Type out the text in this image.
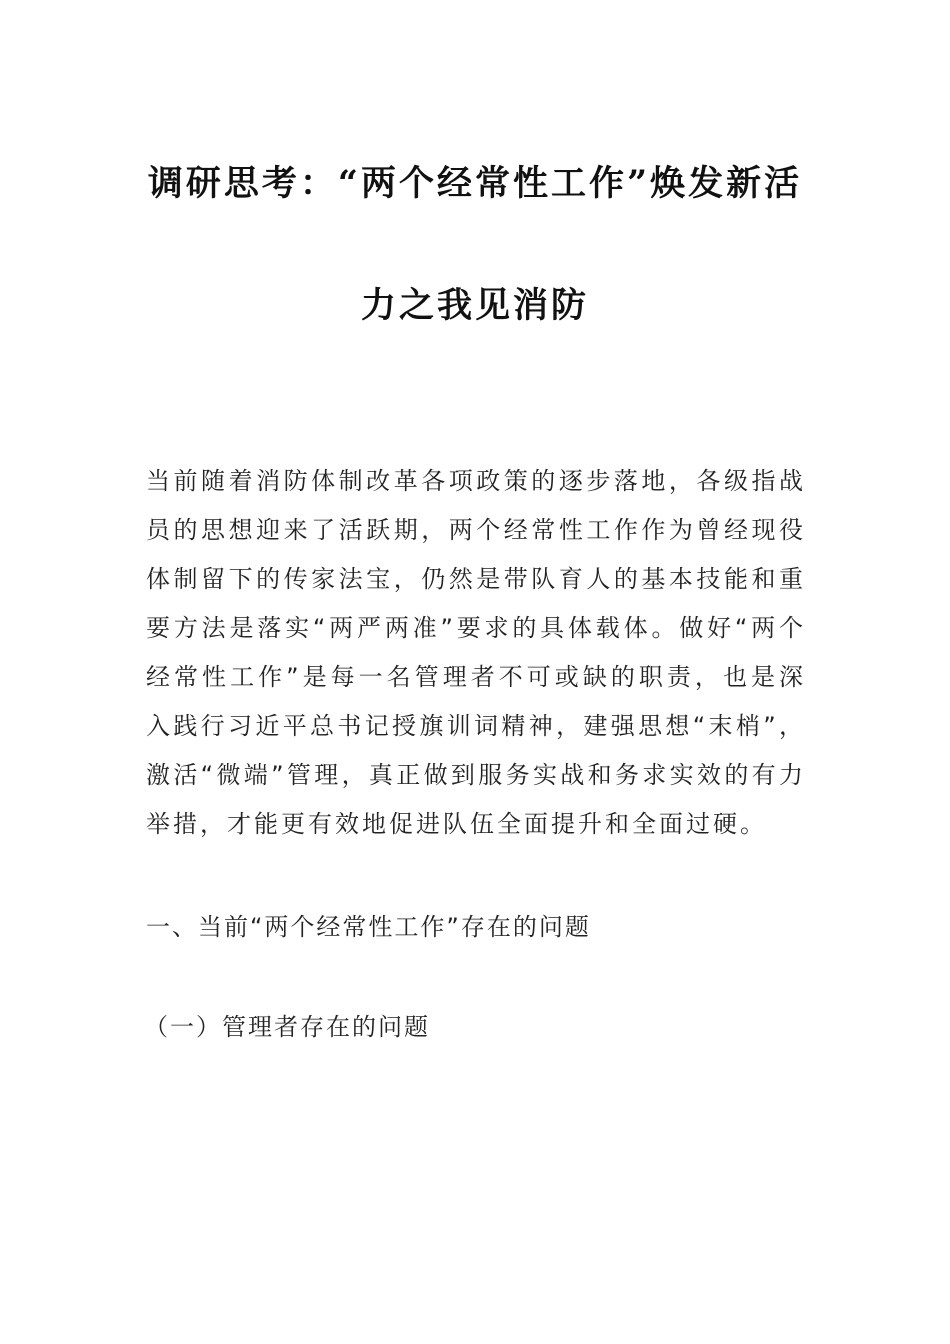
调研思考：“两个经常性工作”焕发新活
力之我见消防
当前随着消防体制改革各项政策的逐步落地，各级指战员的思想迎来了活跃期，两个经常性工作作为曾经现役体制留下的传家法宝，仍然是带队育人的基本技能和重要方法是落实“两严两准”要求的具体载体。做好“两个经常性工作”是每一名管理者不可或缺的职责，也是深入践行习近平总书记授旗训词精神，建强思想“末梢”，激活“微端”管理，真正做到服务实战和务求实效的有力举措，才能更有效地促进队伍全面提升和全面过硬。
一、当前“两个经常性工作”存在的问题
（一）管理者存在的问题
